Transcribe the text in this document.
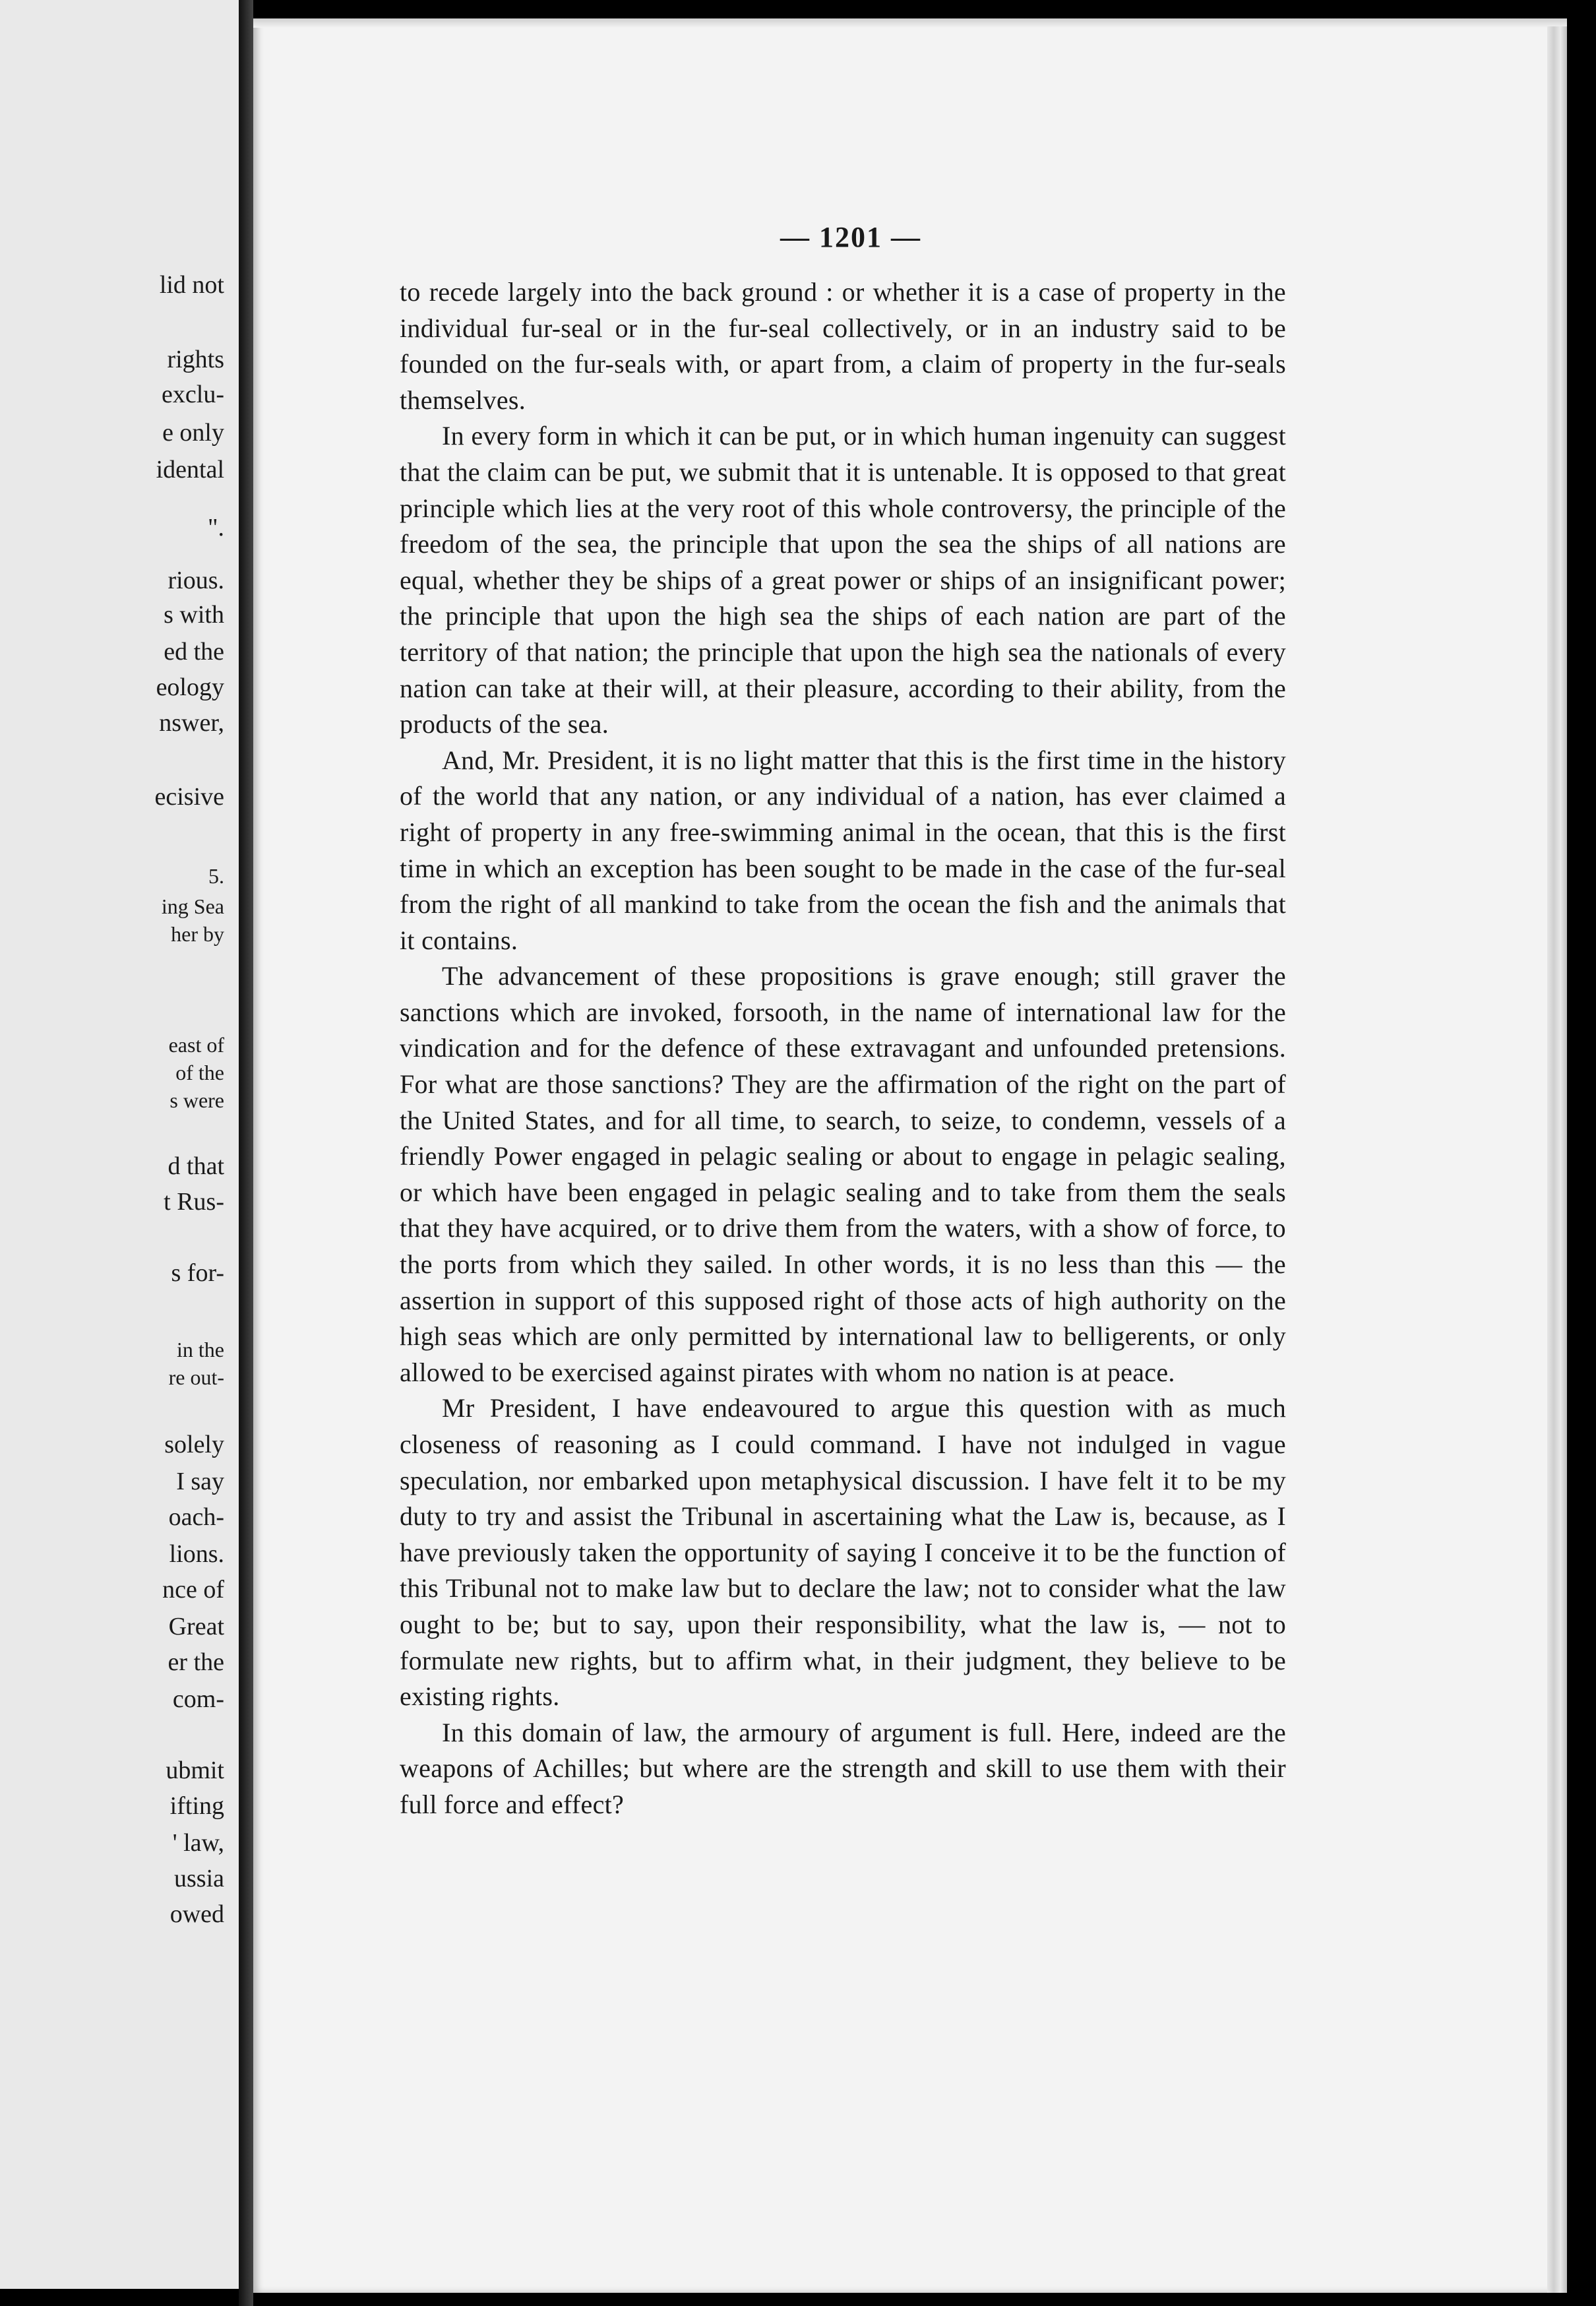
lid not
rights
exclu-
e only
idental
".
rious.
s with
ed the
eology
nswer,
ecisive
5.
ing Sea
her by
east of
of the
s were
d that
t Rus-
s for-
in the
re out-
solely
I say
oach-
lions.
nce of
Great
er the
com-
ubmit
ifting
' law,
ussia
owed
— 1201 —

to recede largely into the back ground : or whether it is a case of property in the individual fur-seal or in the fur-seal collectively, or in an industry said to be founded on the fur-seals with, or apart from, a claim of property in the fur-seals themselves.

In every form in which it can be put, or in which human ingenuity can suggest that the claim can be put, we submit that it is untenable. It is opposed to that great principle which lies at the very root of this whole controversy, the principle of the freedom of the sea, the principle that upon the sea the ships of all nations are equal, whether they be ships of a great power or ships of an insignificant power; the principle that upon the high sea the ships of each nation are part of the territory of that nation; the principle that upon the high sea the nationals of every nation can take at their will, at their pleasure, according to their ability, from the products of the sea.

And, Mr. President, it is no light matter that this is the first time in the history of the world that any nation, or any individual of a nation, has ever claimed a right of property in any free-swimming animal in the ocean, that this is the first time in which an exception has been sought to be made in the case of the fur-seal from the right of all mankind to take from the ocean the fish and the animals that it contains.

The advancement of these propositions is grave enough; still graver the sanctions which are invoked, forsooth, in the name of international law for the vindication and for the defence of these extravagant and unfounded pretensions. For what are those sanctions? They are the affirmation of the right on the part of the United States, and for all time, to search, to seize, to condemn, vessels of a friendly Power engaged in pelagic sealing or about to engage in pelagic sealing, or which have been engaged in pelagic sealing and to take from them the seals that they have acquired, or to drive them from the waters, with a show of force, to the ports from which they sailed. In other words, it is no less than this — the assertion in support of this supposed right of those acts of high authority on the high seas which are only permitted by international law to belligerents, or only allowed to be exercised against pirates with whom no nation is at peace.

Mr President, I have endeavoured to argue this question with as much closeness of reasoning as I could command. I have not indulged in vague speculation, nor embarked upon metaphysical discussion. I have felt it to be my duty to try and assist the Tribunal in ascertaining what the Law is, because, as I have previously taken the opportunity of saying I conceive it to be the function of this Tribunal not to make law but to declare the law; not to consider what the law ought to be; but to say, upon their responsibility, what the law is, — not to formulate new rights, but to affirm what, in their judgment, they believe to be existing rights.

In this domain of law, the armoury of argument is full. Here, indeed are the weapons of Achilles; but where are the strength and skill to use them with their full force and effect?
